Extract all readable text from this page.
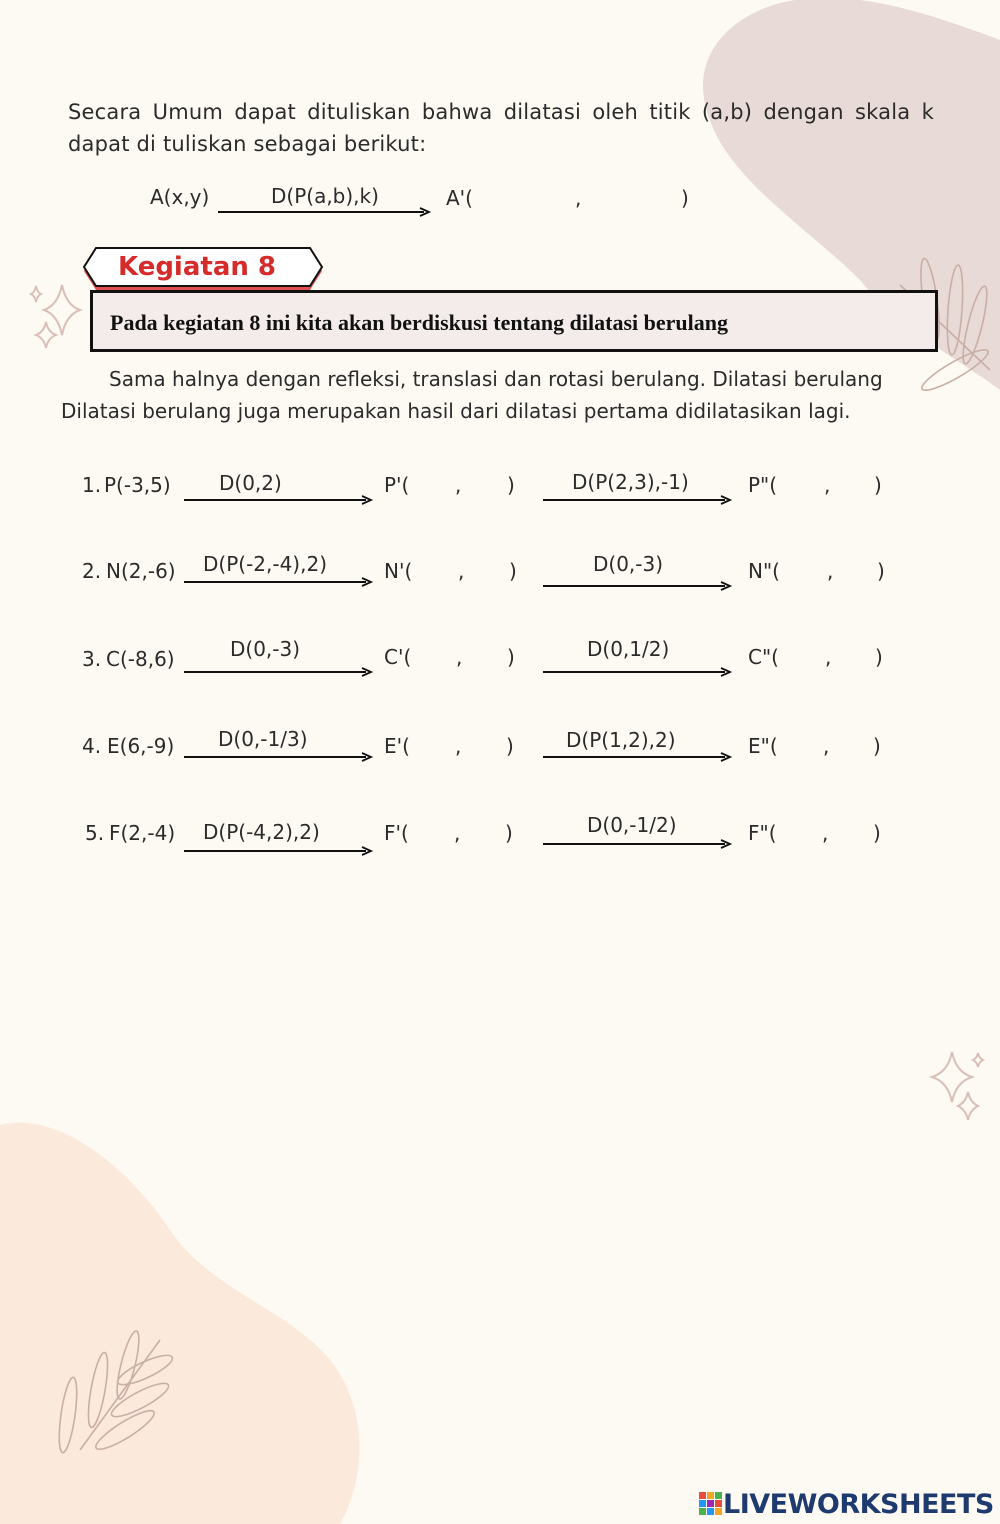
Secara Umum dapat dituliskan bahwa dilatasi oleh titik (a,b) dengan skala k dapat di tuliskan sebagai berikut:
A(x,y)	D(P(a,b),k)	A'(	,	)
Kegiatan 8
Pada kegiatan 8 ini kita akan berdiskusi tentang dilatasi berulang
Sama halnya dengan refleksi, translasi dan rotasi berulang. Dilatasi berulang
Dilatasi berulang juga merupakan hasil dari dilatasi pertama didilatasikan lagi.
1. P(-3,5) D(0,2)	P'( , )	D(P(2,3),-1)	P"( , )
2. N(2,-6) D(P(-2,-4),2)	N'( , )	D(0,-3)	N"( , )
3. C(-8,6)	D(0,-3)	C'( , )	D(0,1/2)	C"( , )
4. E(6,-9) D(0,-1/3)	E'( , )	D(P(1,2),2)	E"( , )
5. F(2,-4) D(P(-4,2),2)	F'( , )	D(0,-1/2)	F"( , )
LIVEWORKSHEETS
